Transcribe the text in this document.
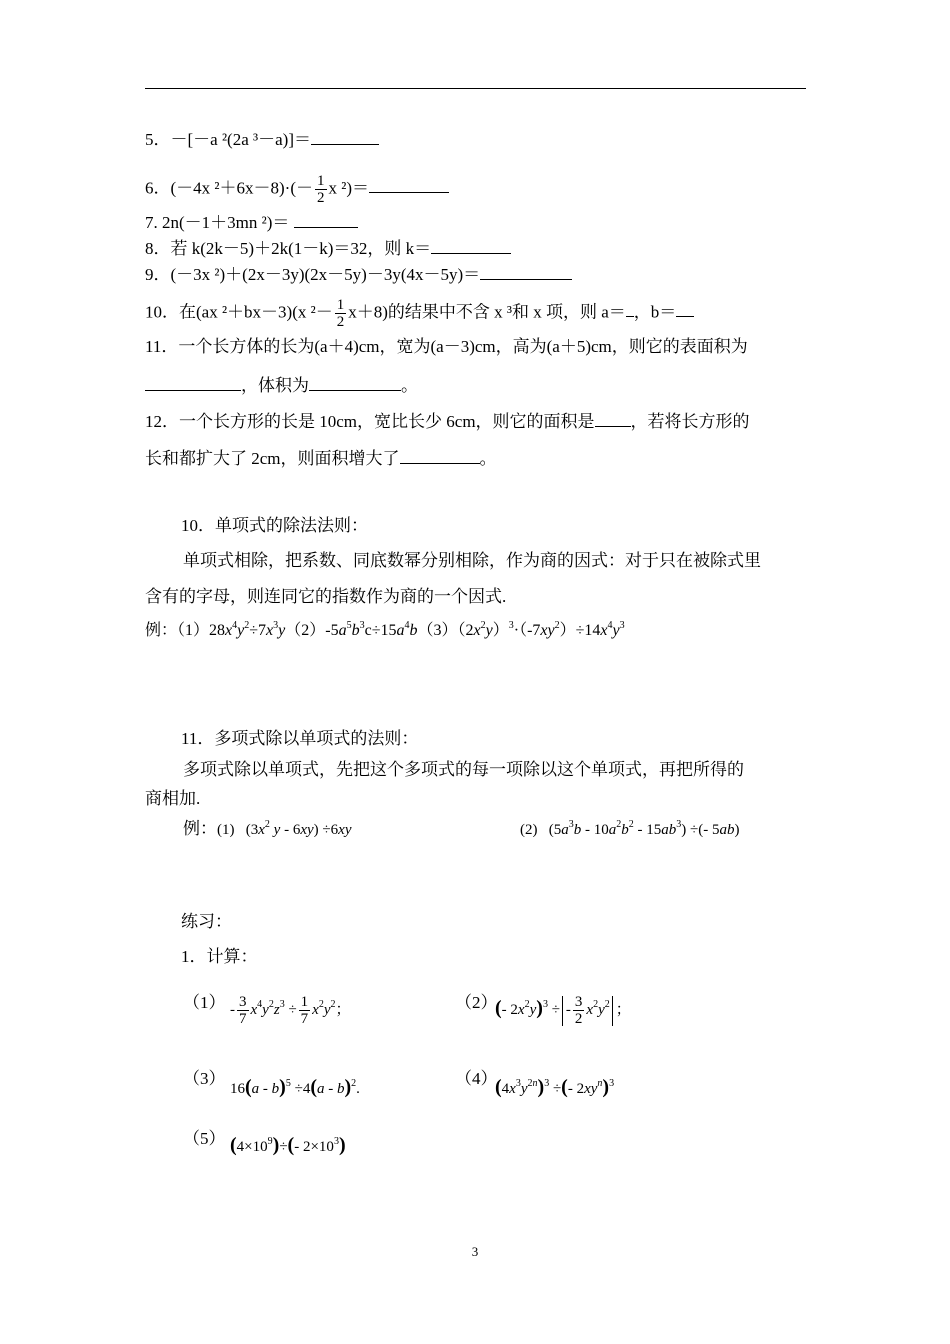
5．－[－a ²(2a ³－a)]＝
6．(－4x $^2+6x-8)\cdot(- \frac{1}{2}$ x ²)＝
7. 2n(－1＋3mn ²)＝
8．若 k(2k－5)＋2k(1－k)＝32，则 k＝
9．(－3x ²)＋(2x－3y)(2x－5y)－3y(4x－5y)＝
10．在(ax ²＋bx－3)(x $^2- \frac{1}{2} x+8$)的结果中不含 x ³和 x 项，则 a＝ ，b＝
11．一个长方体的长为(a＋4)cm，宽为(a－3)cm，高为(a＋5)cm，则它的表面积为
，体积为	。
12．一个长方形的长是 10cm，宽比长少 6cm，则它的面积是 ，若将长方形的
长和都扩大了 2cm，则面积增大了	。
10．单项式的除法法则：
单项式相除，把系数、同底数幂分别相除，作为商的因式：对于只在被除式里
含有的字母，则连同它的指数作为商的一个因式.
例：$(1)28x^4y^2\div 7x^3y(2)-5a^5b^3c\div 15a^4b(3)(2x^2y)^3\cdot(-7xy^2)\div 14x^4y^3$
11．多项式除以单项式的法则：
多项式除以单项式，先把这个多项式的每一项除以这个单项式，再把所得的
商相加.
例：(1)   ($3x^2$ y - 6xy) ÷6xy	(2)   $(5a^3b - 10a^2b^2 - 15ab^3)$ ÷(- 5ab)
练习：
1．计算：
$(1) - \frac{3}{7} x^4y^2z^3 \div \frac{1}{7} x^2y^2$；	（2）
(- $2x^2y)^3$ ÷ - $\frac{3}{2} x^2y^2$ ；
（3）
16(a - b)$^5$ ÷4(a - b)$^2$.
（4）
$(4x^3y^{2n})^3$ ÷(- $2xy^n)^3$
（5） $(4\times 10^9)\div(-$ $2\times 10^3$)
3
